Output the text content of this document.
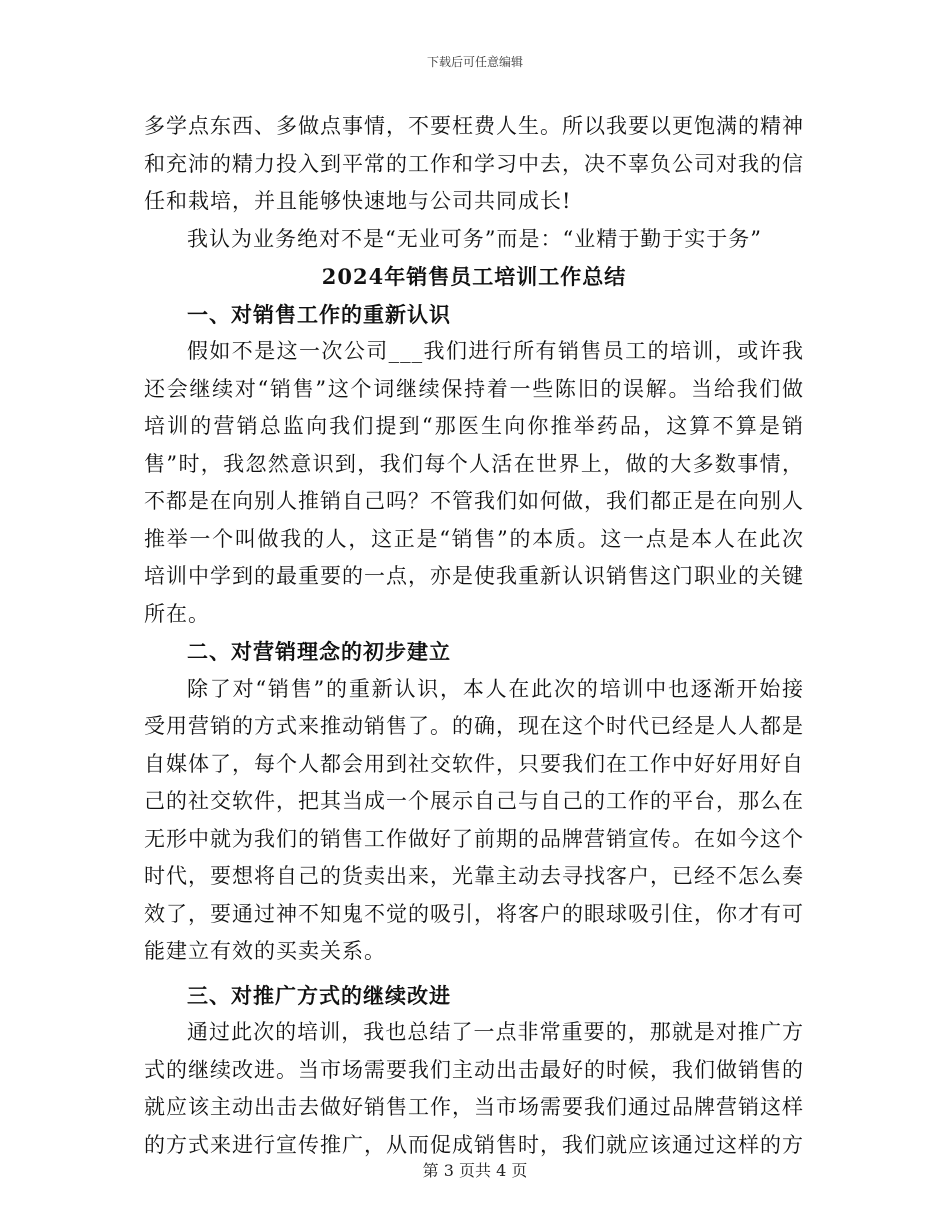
下载后可任意编辑

多学点东西、多做点事情，不要枉费人生。所以我要以更饱满的精神和充沛的精力投入到平常的工作和学习中去，决不辜负公司对我的信任和栽培，并且能够快速地与公司共同成长!

我认为业务绝对不是“无业可务”而是：“业精于勤于实于务”

2024年销售员工培训工作总结

一、对销售工作的重新认识

假如不是这一次公司___我们进行所有销售员工的培训，或许我还会继续对“销售”这个词继续保持着一些陈旧的误解。当给我们做培训的营销总监向我们提到“那医生向你推举药品，这算不算是销售”时，我忽然意识到，我们每个人活在世界上，做的大多数事情，不都是在向别人推销自己吗？不管我们如何做，我们都正是在向别人推举一个叫做我的人，这正是“销售”的本质。这一点是本人在此次培训中学到的最重要的一点，亦是使我重新认识销售这门职业的关键所在。

二、对营销理念的初步建立

除了对“销售”的重新认识，本人在此次的培训中也逐渐开始接受用营销的方式来推动销售了。的确，现在这个时代已经是人人都是自媒体了，每个人都会用到社交软件，只要我们在工作中好好用好自己的社交软件，把其当成一个展示自己与自己的工作的平台，那么在无形中就为我们的销售工作做好了前期的品牌营销宣传。在如今这个时代，要想将自己的货卖出来，光靠主动去寻找客户，已经不怎么奏效了，要通过神不知鬼不觉的吸引，将客户的眼球吸引住，你才有可能建立有效的买卖关系。

三、对推广方式的继续改进

通过此次的培训，我也总结了一点非常重要的，那就是对推广方式的继续改进。当市场需要我们主动出击最好的时候，我们做销售的就应该主动出击去做好销售工作，当市场需要我们通过品牌营销这样的方式来进行宣传推广，从而促成销售时，我们就应该通过这样的方

第 3 页共 4 页
